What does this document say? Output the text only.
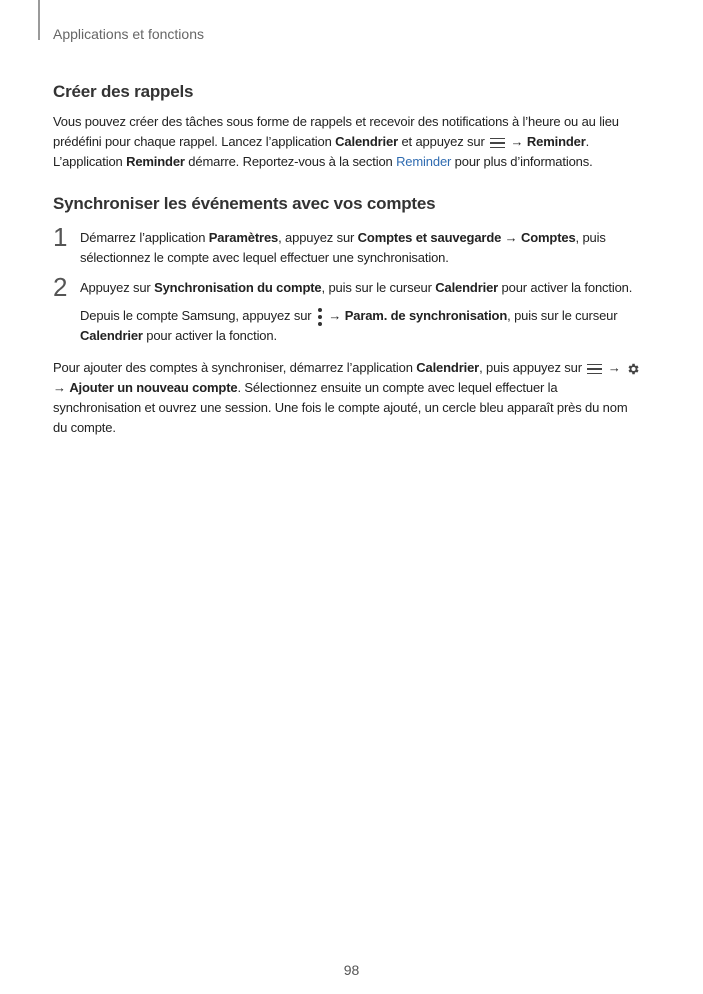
Applications et fonctions
Créer des rappels

Vous pouvez créer des tâches sous forme de rappels et recevoir des notifications à l’heure ou au lieu prédéfini pour chaque rappel. Lancez l’application Calendrier et appuyez sur
→ Reminder. L’application Reminder démarre. Reportez-vous à la section Reminder pour plus d’informations.

Synchroniser les événements avec vos comptes
1 Démarrez l’application Paramètres, appuyez sur Comptes et sauvegarde → Comptes, puis sélectionnez le compte avec lequel effectuer une synchronisation.

2 Appuyez sur Synchronisation du compte, puis sur le curseur Calendrier pour activer la fonction.

Depuis le compte Samsung, appuyez sur
→ Param. de synchronisation, puis sur le curseur Calendrier pour activer la fonction.

Pour ajouter des comptes à synchroniser, démarrez l’application Calendrier, puis appuyez sur
→  → Ajouter un nouveau compte. Sélectionnez ensuite un compte avec lequel effectuer la synchronisation et ouvrez une session. Une fois le compte ajouté, un cercle bleu apparaît près du nom du compte.

98
